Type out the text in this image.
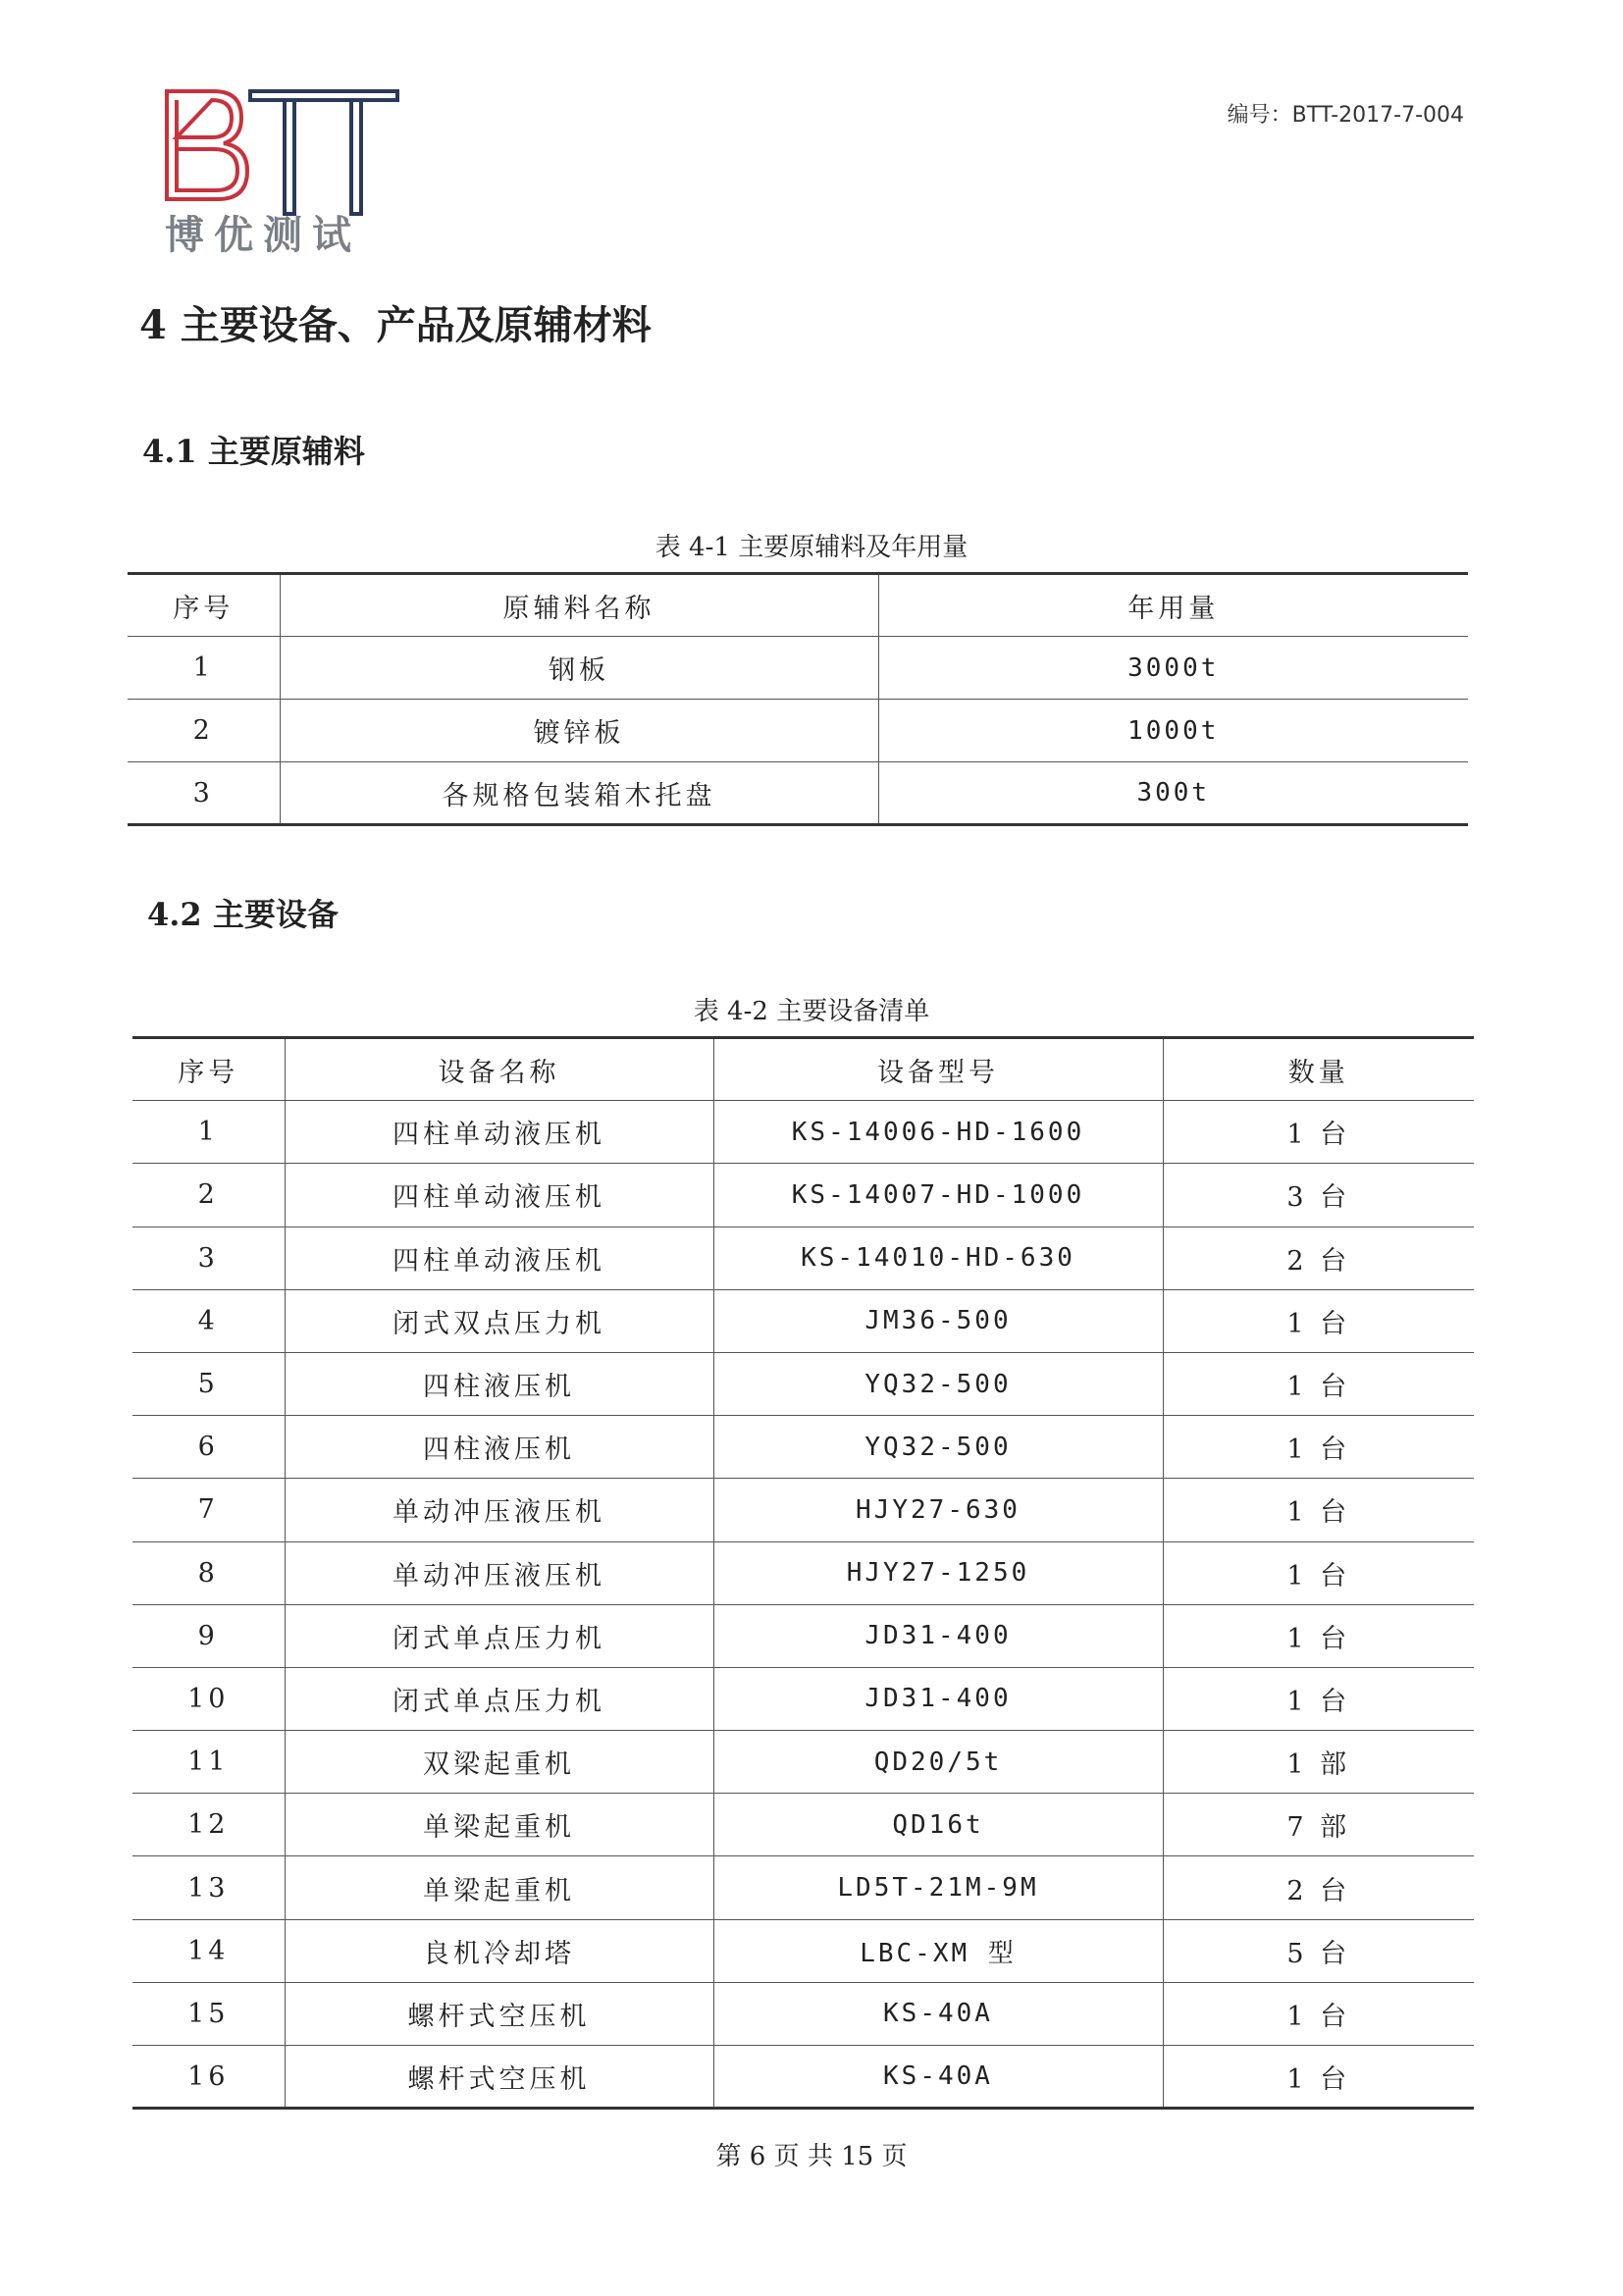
博优测试
编号：BTT-2017-7-004
4 主要设备、产品及原辅材料
4.1 主要原辅料
表 4-1 主要原辅料及年用量
序号	原辅料名称	年用量
1	钢板	3000t
2	镀锌板	1000t
3	各规格包装箱木托盘	300t
4.2 主要设备
表 4-2 主要设备清单
序号	设备名称	设备型号	数量
1	四柱单动液压机	KS-14006-HD-1600	1 台
2	四柱单动液压机	KS-14007-HD-1000	3 台
3	四柱单动液压机	KS-14010-HD-630	2 台
4	闭式双点压力机	JM36-500	1 台
5	四柱液压机	YQ32-500	1 台
6	四柱液压机	YQ32-500	1 台
7	单动冲压液压机	HJY27-630	1 台
8	单动冲压液压机	HJY27-1250	1 台
9	闭式单点压力机	JD31-400	1 台
10	闭式单点压力机	JD31-400	1 台
11	双梁起重机	QD20/5t	1 部
12	单梁起重机	QD16t	7 部
13	单梁起重机	LD5T-21M-9M	2 台
14	良机冷却塔	LBC-XM 型	5 台
15	螺杆式空压机	KS-40A	1 台
16	螺杆式空压机	KS-40A	1 台
第 6 页 共 15 页
